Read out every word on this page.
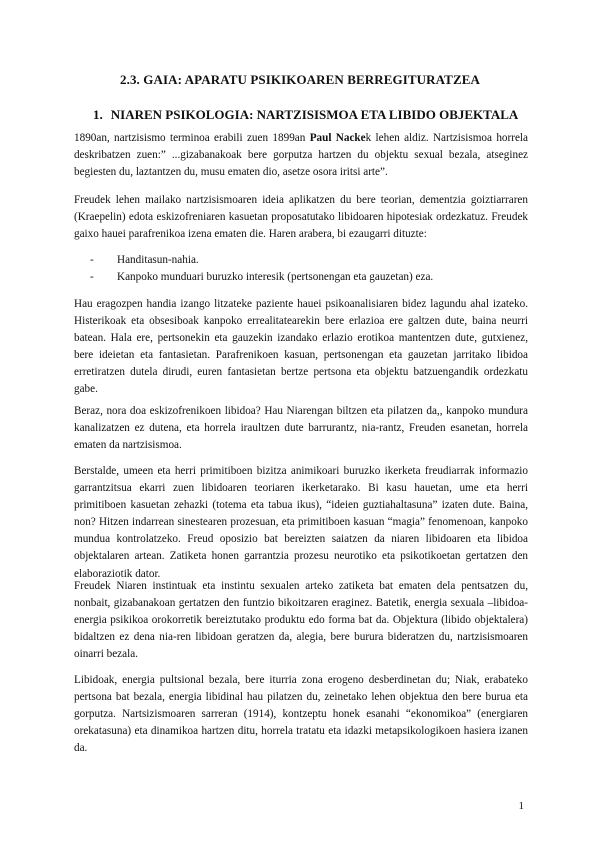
2.3. GAIA: APARATU PSIKIKOAREN BERREGITURATZEA
1. NIAREN PSIKOLOGIA: NARTZISISMOA ETA LIBIDO OBJEKTALA

1890an, nartzisismo terminoa erabili zuen 1899an Paul Nackek lehen aldiz. Nartzisismoa horrela deskribatzen zuen:” ...gizabanakoak bere gorputza hartzen du objektu sexual bezala, atseginez begiesten du, laztantzen du, musu ematen dio, asetze osora iritsi arte”.

Freudek lehen mailako nartzisismoaren ideia aplikatzen du bere teorian, dementzia goiztiarraren (Kraepelin) edota eskizofreniaren kasuetan proposatutako libidoaren hipotesiak ordezkatuz. Freudek gaixo hauei parafrenikoa izena ematen die. Haren arabera, bi ezaugarri dituzte:

- Handitasun-nahia.
- Kanpoko munduari buruzko interesik (pertsonengan eta gauzetan) eza.

Hau eragozpen handia izango litzateke paziente hauei psikoanalisiaren bidez lagundu ahal izateko. Histerikoak eta obsesiboak kanpoko errealitatearekin bere erlazioa ere galtzen dute, baina neurri batean. Hala ere, pertsonekin eta gauzekin izandako erlazio erotikoa mantentzen dute, gutxienez, bere ideietan eta fantasietan. Parafrenikoen kasuan, pertsonengan eta gauzetan jarritako libidoa erretiratzen dutela dirudi, euren fantasietan bertze pertsona eta objektu batzuengandik ordezkatu gabe.

Beraz, nora doa eskizofrenikoen libidoa? Hau Niarengan biltzen eta pilatzen da,, kanpoko mundura kanalizatzen ez dutena, eta horrela iraultzen dute barrurantz, nia-rantz, Freuden esanetan, horrela ematen da nartzisismoa.

Berstalde, umeen eta herri primitiboen bizitza animikoari buruzko ikerketa freudiarrak informazio garrantzitsua ekarri zuen libidoaren teoriaren ikerketarako. Bi kasu hauetan, ume eta herri primitiboen kasuetan zehazki (totema eta tabua ikus), “ideien guztiahaltasuna” izaten dute. Baina, non? Hitzen indarrean sinestearen prozesuan, eta primitiboen kasuan “magia” fenomenoan, kanpoko mundua kontrolatzeko. Freud oposizio bat bereizten saiatzen da niaren libidoaren eta libidoa objektalaren artean. Zatiketa honen garrantzia prozesu neurotiko eta psikotikoetan gertatzen den elaboraziotik dator.

Freudek Niaren instintuak eta instintu sexualen arteko zatiketa bat ematen dela pentsatzen du, nonbait, gizabanakoan gertatzen den funtzio bikoitzaren eraginez. Batetik, energia sexuala –libidoa- energia psikikoa orokorretik bereiztutako produktu edo forma bat da. Objektura (libido objektalera) bidaltzen ez dena nia-ren libidoan geratzen da, alegia, bere burura bideratzen du, nartzisismoaren oinarri bezala.

Libidoak, energia pultsional bezala, bere iturria zona erogeno desberdinetan du; Niak, erabateko pertsona bat bezala, energia libidinal hau pilatzen du, zeinetako lehen objektua den bere burua eta gorputza. Nartsizismoaren sarreran (1914), kontzeptu honek esanahi “ekonomikoa” (energiaren orekatasuna) eta dinamikoa hartzen ditu, horrela tratatu eta idazki metapsikologikoen hasiera izanen da.

1
